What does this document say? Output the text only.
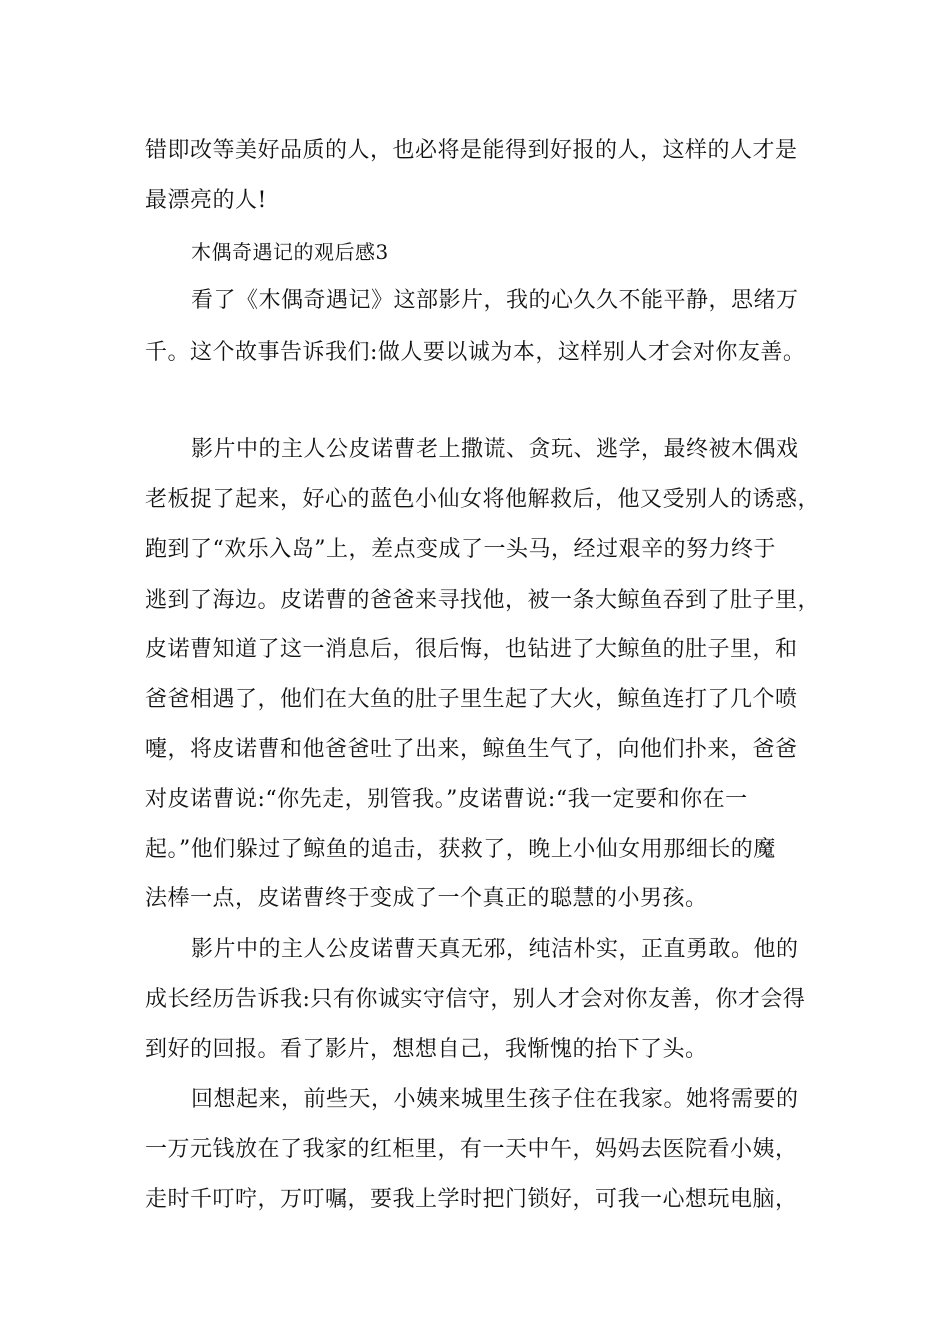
错即改等美好品质的人，也必将是能得到好报的人，这样的人才是
最漂亮的人!
木偶奇遇记的观后感3
看了《木偶奇遇记》这部影片，我的心久久不能平静，思绪万
千。这个故事告诉我们:做人要以诚为本，这样别人才会对你友善。
影片中的主人公皮诺曹老上撒谎、贪玩、逃学，最终被木偶戏
老板捉了起来，好心的蓝色小仙女将他解救后，他又受别人的诱惑，
跑到了“欢乐入岛”上，差点变成了一头马，经过艰辛的努力终于
逃到了海边。皮诺曹的爸爸来寻找他，被一条大鲸鱼吞到了肚子里，
皮诺曹知道了这一消息后，很后悔，也钻进了大鲸鱼的肚子里，和
爸爸相遇了，他们在大鱼的肚子里生起了大火，鲸鱼连打了几个喷
嚏，将皮诺曹和他爸爸吐了出来，鲸鱼生气了，向他们扑来，爸爸
对皮诺曹说:“你先走，别管我。”皮诺曹说:“我一定要和你在一
起。”他们躲过了鲸鱼的追击，获救了，晚上小仙女用那细长的魔
法棒一点，皮诺曹终于变成了一个真正的聪慧的小男孩。
影片中的主人公皮诺曹天真无邪，纯洁朴实，正直勇敢。他的
成长经历告诉我:只有你诚实守信守，别人才会对你友善，你才会得
到好的回报。看了影片，想想自己，我惭愧的抬下了头。
回想起来，前些天，小姨来城里生孩子住在我家。她将需要的
一万元钱放在了我家的红柜里，有一天中午，妈妈去医院看小姨，
走时千叮咛，万叮嘱，要我上学时把门锁好，可我一心想玩电脑，
